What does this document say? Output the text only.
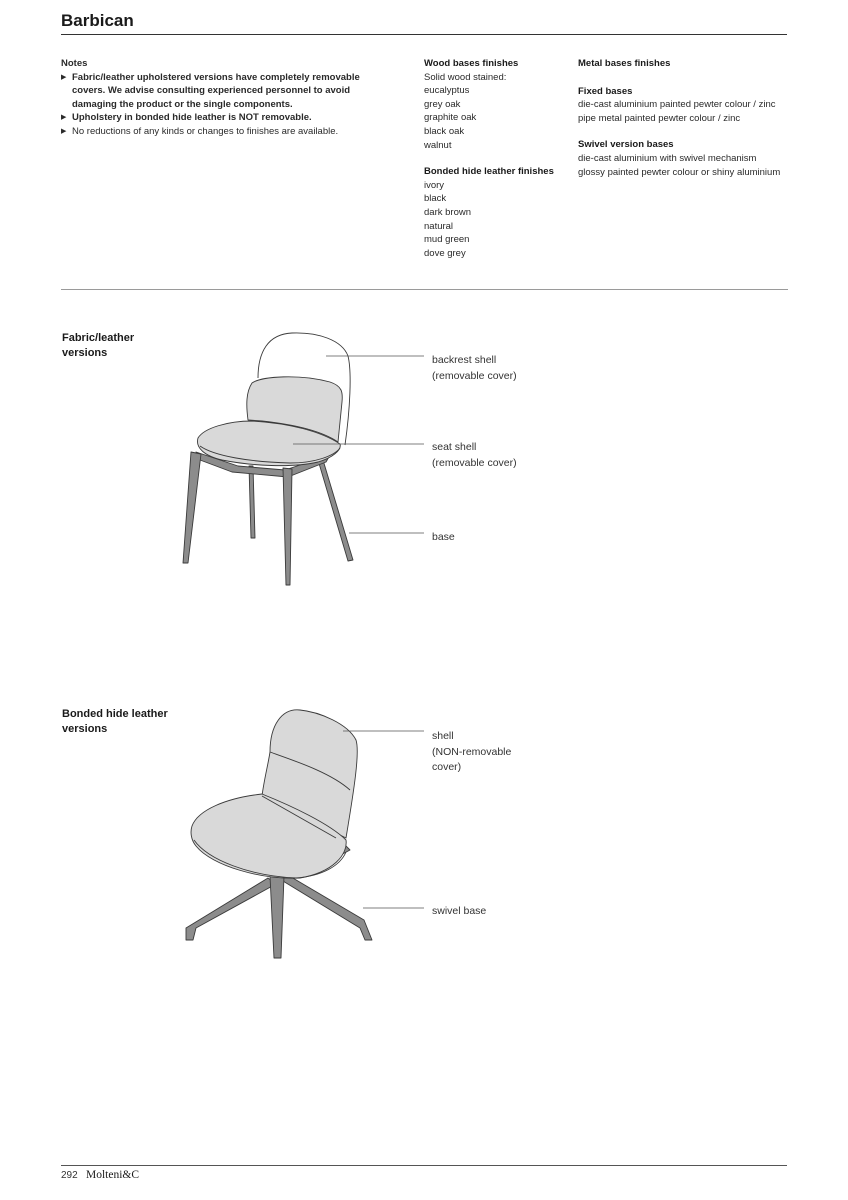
Barbican
Notes
▶ Fabric/leather upholstered versions have completely removable covers. We advise consulting experienced personnel to avoid damaging the product or the single components.
▶ Upholstery in bonded hide leather is NOT removable.
▶ No reductions of any kinds or changes to finishes are available.
Wood bases finishes
Solid wood stained:
eucalyptus
grey oak
graphite oak
black oak
walnut
Bonded hide leather finishes
ivory
black
dark brown
natural
mud green
dove grey
Metal bases finishes
Fixed bases
die-cast aluminium painted pewter colour / zinc
pipe metal painted pewter colour / zinc
Swivel version bases
die-cast aluminium with swivel mechanism
glossy painted pewter colour or shiny aluminium
Fabric/leather
versions
Bonded hide leather
versions
backrest shell
(removable cover)
seat shell
(removable cover)
base
shell
(NON-removable
cover)
swivel base
292 Molteni&C
